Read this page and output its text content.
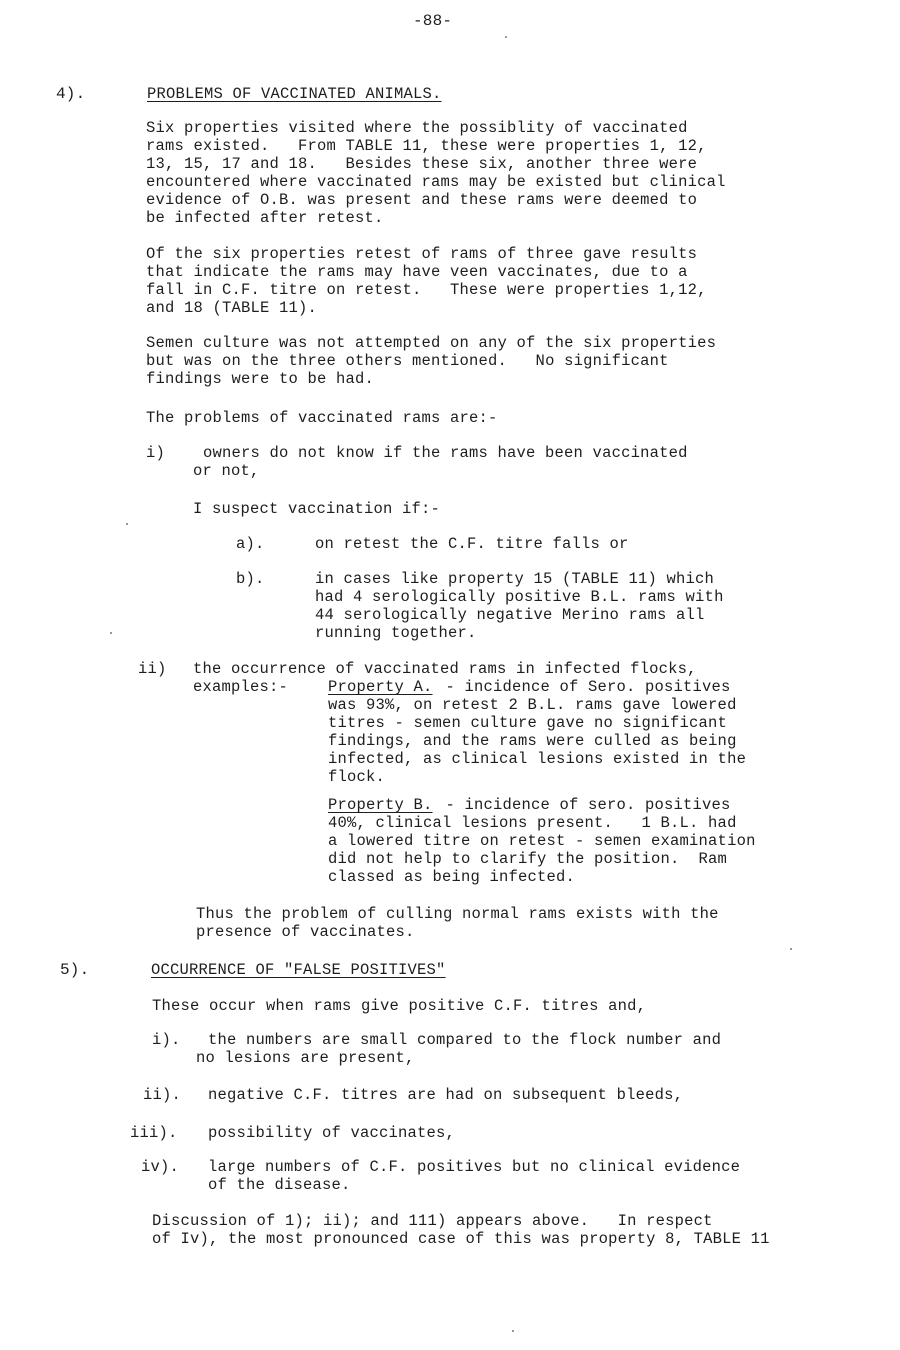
-88-
4).	PROBLEMS OF VACCINATED ANIMALS.
Six properties visited where the possiblity of vaccinated
rams existed.   From TABLE 11, these were properties 1, 12,
13, 15, 17 and 18.   Besides these six, another three were
encountered where vaccinated rams may be existed but clinical
evidence of O.B. was present and these rams were deemed to
be infected after retest.
Of the six properties retest of rams of three gave results
that indicate the rams may have veen vaccinates, due to a
fall in C.F. titre on retest.   These were properties 1,12,
and 18 (TABLE 11).
Semen culture was not attempted on any of the six properties
but was on the three others mentioned.   No significant
findings were to be had.
The problems of vaccinated rams are:-
i) owners do not know if the rams have been vaccinated
or not,
I suspect vaccination if:-
a).	on retest the C.F. titre falls or
b).	in cases like property 15 (TABLE 11) which
had 4 serologically positive B.L. rams with
44 serologically negative Merino rams all
running together.
ii) the occurrence of vaccinated rams in infected flocks,
examples:-	Property A. - incidence of Sero. positives
was 93%, on retest 2 B.L. rams gave lowered
titres - semen culture gave no significant
findings, and the rams were culled as being
infected, as clinical lesions existed in the
flock.
Property B. - incidence of sero. positives
40%, clinical lesions present.   1 B.L. had
a lowered titre on retest - semen examination
did not help to clarify the position.  Ram
classed as being infected.
Thus the problem of culling normal rams exists with the
presence of vaccinates.
5).	OCCURRENCE OF "FALSE POSITIVES"
These occur when rams give positive C.F. titres and,
i). the numbers are small compared to the flock number and
no lesions are present,
ii). negative C.F. titres are had on subsequent bleeds,
iii). possibility of vaccinates,
iv). large numbers of C.F. positives but no clinical evidence
of the disease.
Discussion of 1); ii); and 111) appears above.   In respect
of Iv), the most pronounced case of this was property 8, TABLE 11
